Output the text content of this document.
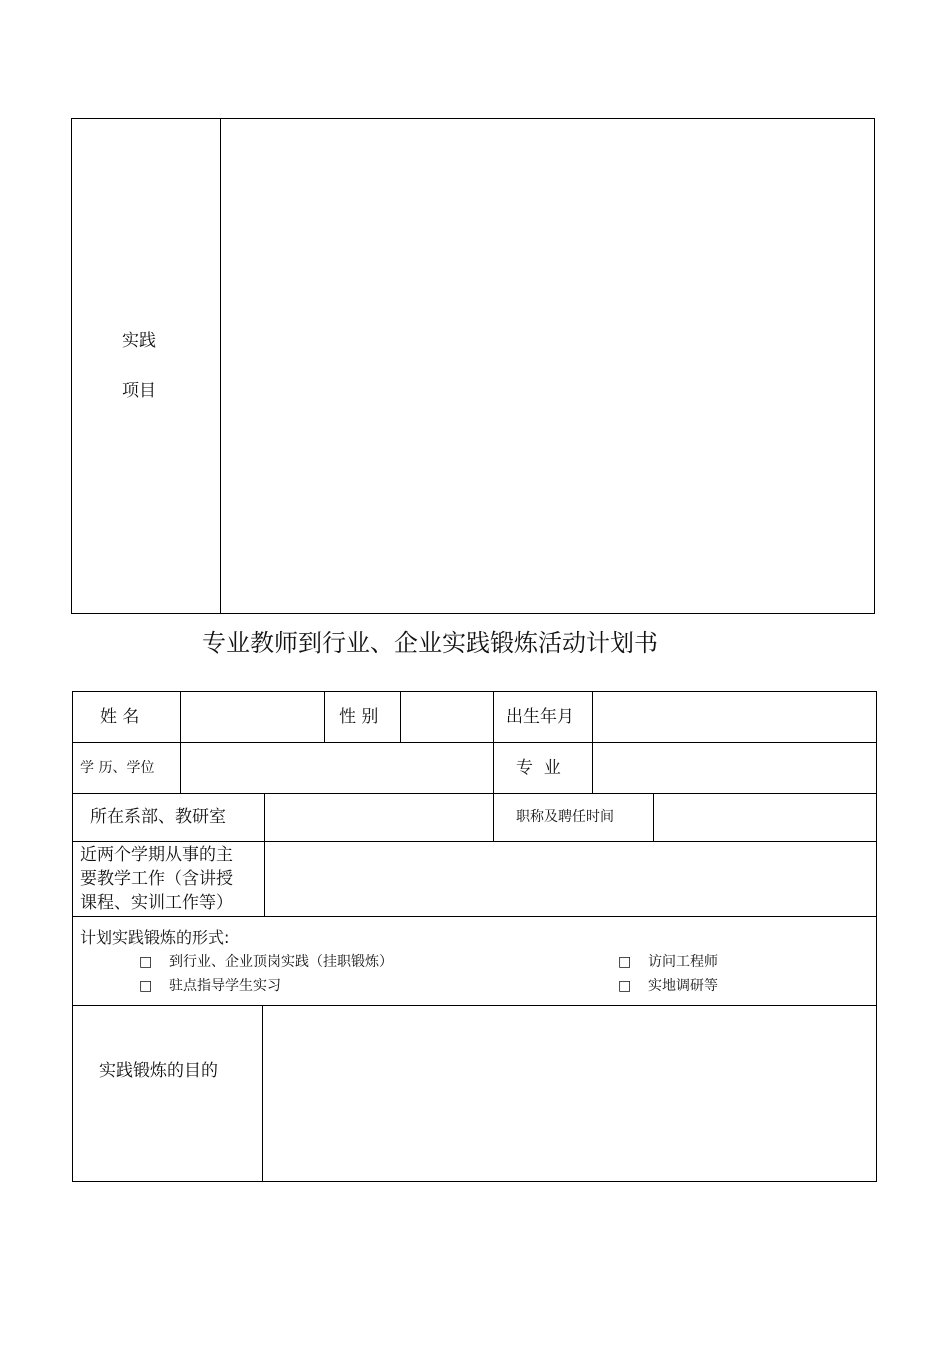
实践
项目
专业教师到行业、企业实践锻炼活动计划书
姓 名	性 别	出生年月
学 历、学位	专  业
所在系部、教研室	职称及聘任时间
近两个学期从事的主
要教学工作（含讲授
课程、实训工作等）
计划实践锻炼的形式:
□ 到行业、企业顶岗实践（挂职锻炼）	□ 访问工程师
□ 驻点指导学生实习	□ 实地调研等
实践锻炼的目的
